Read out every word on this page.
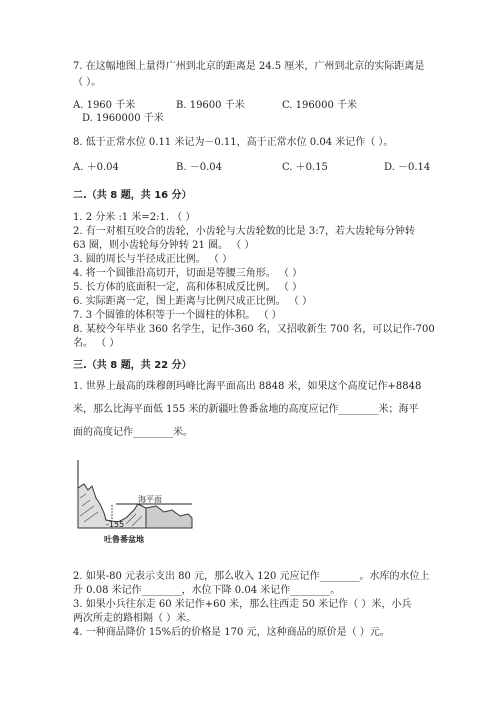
7. 在这幅地图上量得广州到北京的距离是 24.5 厘米，广州到北京的实际距离是
（ ）。
A. 1960 千米	B. 19600 千米	C. 196000 千米
D. 1960000 千米
8. 低于正常水位 0.11 米记为－0.11，高于正常水位 0.04 米记作（ ）。
A. ＋0.04	B. －0.04	C. ＋0.15	D. －0.14
二.（共 8 题，共 16 分）
1. 2 分米 :1 米=2:1. （ ）
2. 有一对相互咬合的齿轮，小齿轮与大齿轮数的比是 3:7，若大齿轮每分钟转
63 圈，则小齿轮每分钟转 21 圈。 （ ）
3. 圆的周长与半径成正比例。 （ ）
4. 将一个圆锥沿高切开，切面是等腰三角形。 （ ）
5. 长方体的底面积一定，高和体积成反比例。 （ ）
6. 实际距离一定，图上距离与比例尺成正比例。 （ ）
7. 3 个圆锥的体积等于一个圆柱的体积。 （ ）
8. 某校今年毕业 360 名学生，记作-360 名，又招收新生 700 名，可以记作-700
名。 （ ）
三.（共 8 题，共 22 分）
1. 世界上最高的珠穆朗玛峰比海平面高出 8848 米，如果这个高度记作+8848
米，那么比海平面低 155 米的新疆吐鲁番盆地的高度应记作________米；海平
面的高度记作________米。
海平面
-155
吐鲁番盆地
2. 如果-80 元表示支出 80 元，那么收入 120 元应记作________。水库的水位上
升 0.08 米记作________，水位下降 0.04 米记作________。
3. 如果小兵往东走 60 米记作+60 米，那么往西走 50 米记作（ ）米，小兵
两次所走的路相隔（ ）米。
4. 一种商品降价 15%后的价格是 170 元，这种商品的原价是（ ）元。
